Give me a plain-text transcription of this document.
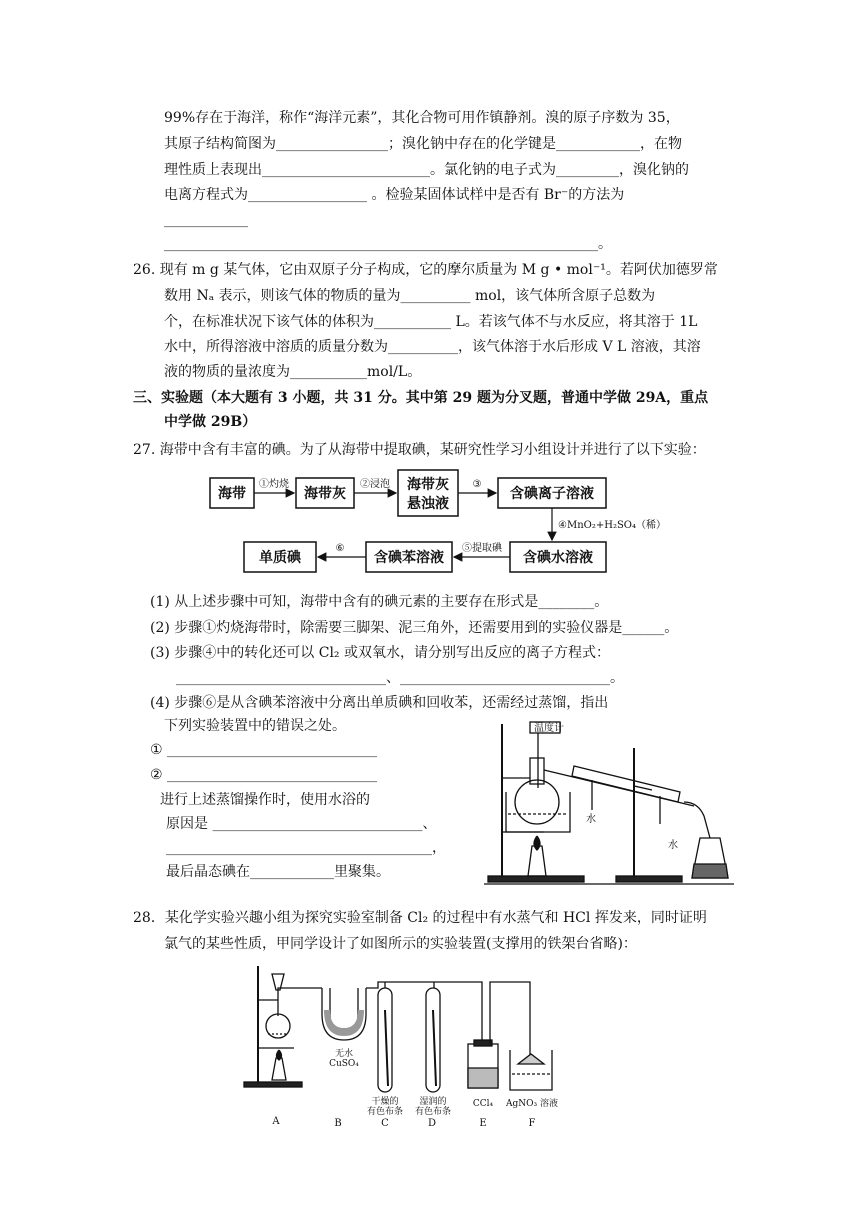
99%存在于海洋，称作“海洋元素”，其化合物可用作镇静剂。溴的原子序数为 35，
其原子结构简图为________________；溴化钠中存在的化学键是____________，在物
理性质上表现出________________________。氯化钠的电子式为_________，溴化钠的
电离方程式为_________________ 。检验某固体试样中是否有 Br⁻的方法为
____________
______________________________________________________________。
26. 现有 m g 某气体，它由双原子分子构成，它的摩尔质量为 M g • mol⁻¹。若阿伏加德罗常
数用 Nₐ 表示，则该气体的物质的量为__________ mol，该气体所含原子总数为
个，在标准状况下该气体的体积为___________ L。若该气体不与水反应，将其溶于 1L
水中，所得溶液中溶质的质量分数为__________，该气体溶于水后形成 V L 溶液，其溶
液的物质的量浓度为___________mol/L。
三、实验题（本大题有 3 小题，共 31 分。其中第 29 题为分叉题，普通中学做 29A，重点
中学做 29B）
27. 海带中含有丰富的碘。为了从海带中提取碘，某研究性学习小组设计并进行了以下实验：
海带	海带灰
海带灰
悬浊液
含碘离子溶液
含碘水溶液
含碘苯溶液
单质碘
①灼烧	②浸泡	③
④MnO₂+H₂SO₄（稀）
⑤提取碘
⑥
(1) 从上述步骤中可知，海带中含有的碘元素的主要存在形式是________。
(2) 步骤①灼烧海带时，除需要三脚架、泥三角外，还需要用到的实验仪器是______。
(3) 步骤④中的转化还可以 Cl₂ 或双氧水，请分别写出反应的离子方程式：
______________________________、______________________________。
(4) 步骤⑥是从含碘苯溶液中分离出单质碘和回收苯，还需经过蒸馏，指出
下列实验装置中的错误之处。
① ______________________________
② ______________________________
进行上述蒸馏操作时，使用水浴的
原因是 ______________________________、
______________________________________，
最后晶态碘在____________里聚集。
温度计
水
水
28．某化学实验兴趣小组为探究实验室制备 Cl₂ 的过程中有水蒸气和 HCl 挥发来，同时证明
氯气的某些性质，甲同学设计了如图所示的实验装置(支撑用的铁架台省略)：
无水
CuSO₄
干燥的
有色布条
湿润的
有色布条
CCl₄ AgNO₃ 溶液
A	B	C	D	E	F
